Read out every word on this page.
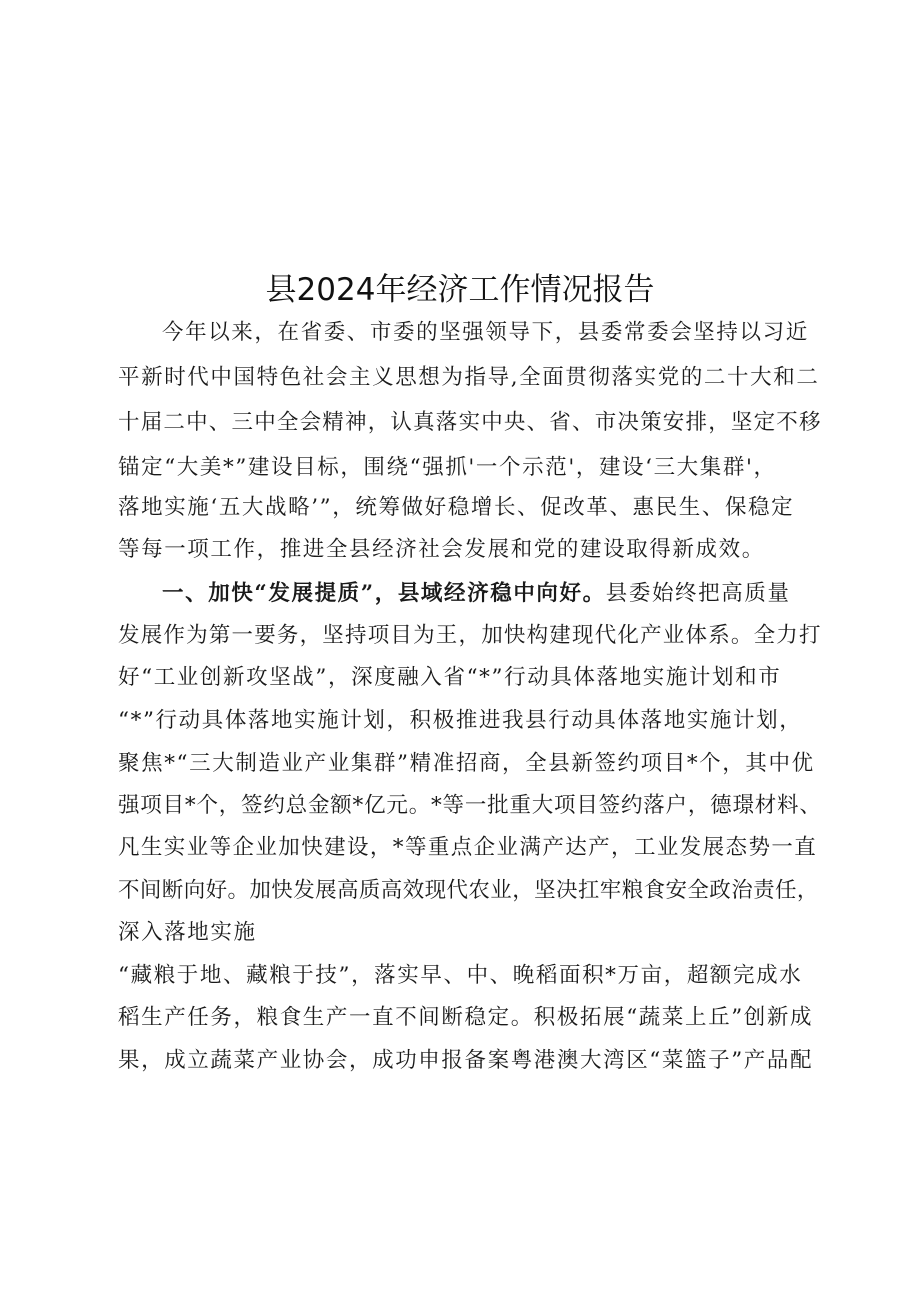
县2024年经济工作情况报告
今年以来，在省委、市委的坚强领导下，县委常委会坚持以习近
平新时代中国特色社会主义思想为指导,全面贯彻落实党的二十大和二
十届二中、三中全会精神，认真落实中央、省、市决策安排，坚定不移
锚定“大美*”建设目标，围绕“强抓'一个示范'，建设‘三大集群'，
落地实施‘五大战略’”，统筹做好稳增长、促改革、惠民生、保稳定
等每一项工作，推进全县经济社会发展和党的建设取得新成效。
一、加快“发展提质”，县域经济稳中向好。县委始终把高质量
发展作为第一要务，坚持项目为王，加快构建现代化产业体系。全力打
好“工业创新攻坚战”，深度融入省“*”行动具体落地实施计划和市
“*”行动具体落地实施计划，积极推进我县行动具体落地实施计划，
聚焦*“三大制造业产业集群”精准招商，全县新签约项目*个，其中优
强项目*个，签约总金额*亿元。*等一批重大项目签约落户，德璟材料、
凡生实业等企业加快建设，*等重点企业满产达产，工业发展态势一直
不间断向好。加快发展高质高效现代农业，坚决扛牢粮食安全政治责任，
深入落地实施
“藏粮于地、藏粮于技”，落实早、中、晚稻面积*万亩，超额完成水
稻生产任务，粮食生产一直不间断稳定。积极拓展“蔬菜上丘”创新成
果，成立蔬菜产业协会，成功申报备案粤港澳大湾区“菜篮子”产品配
